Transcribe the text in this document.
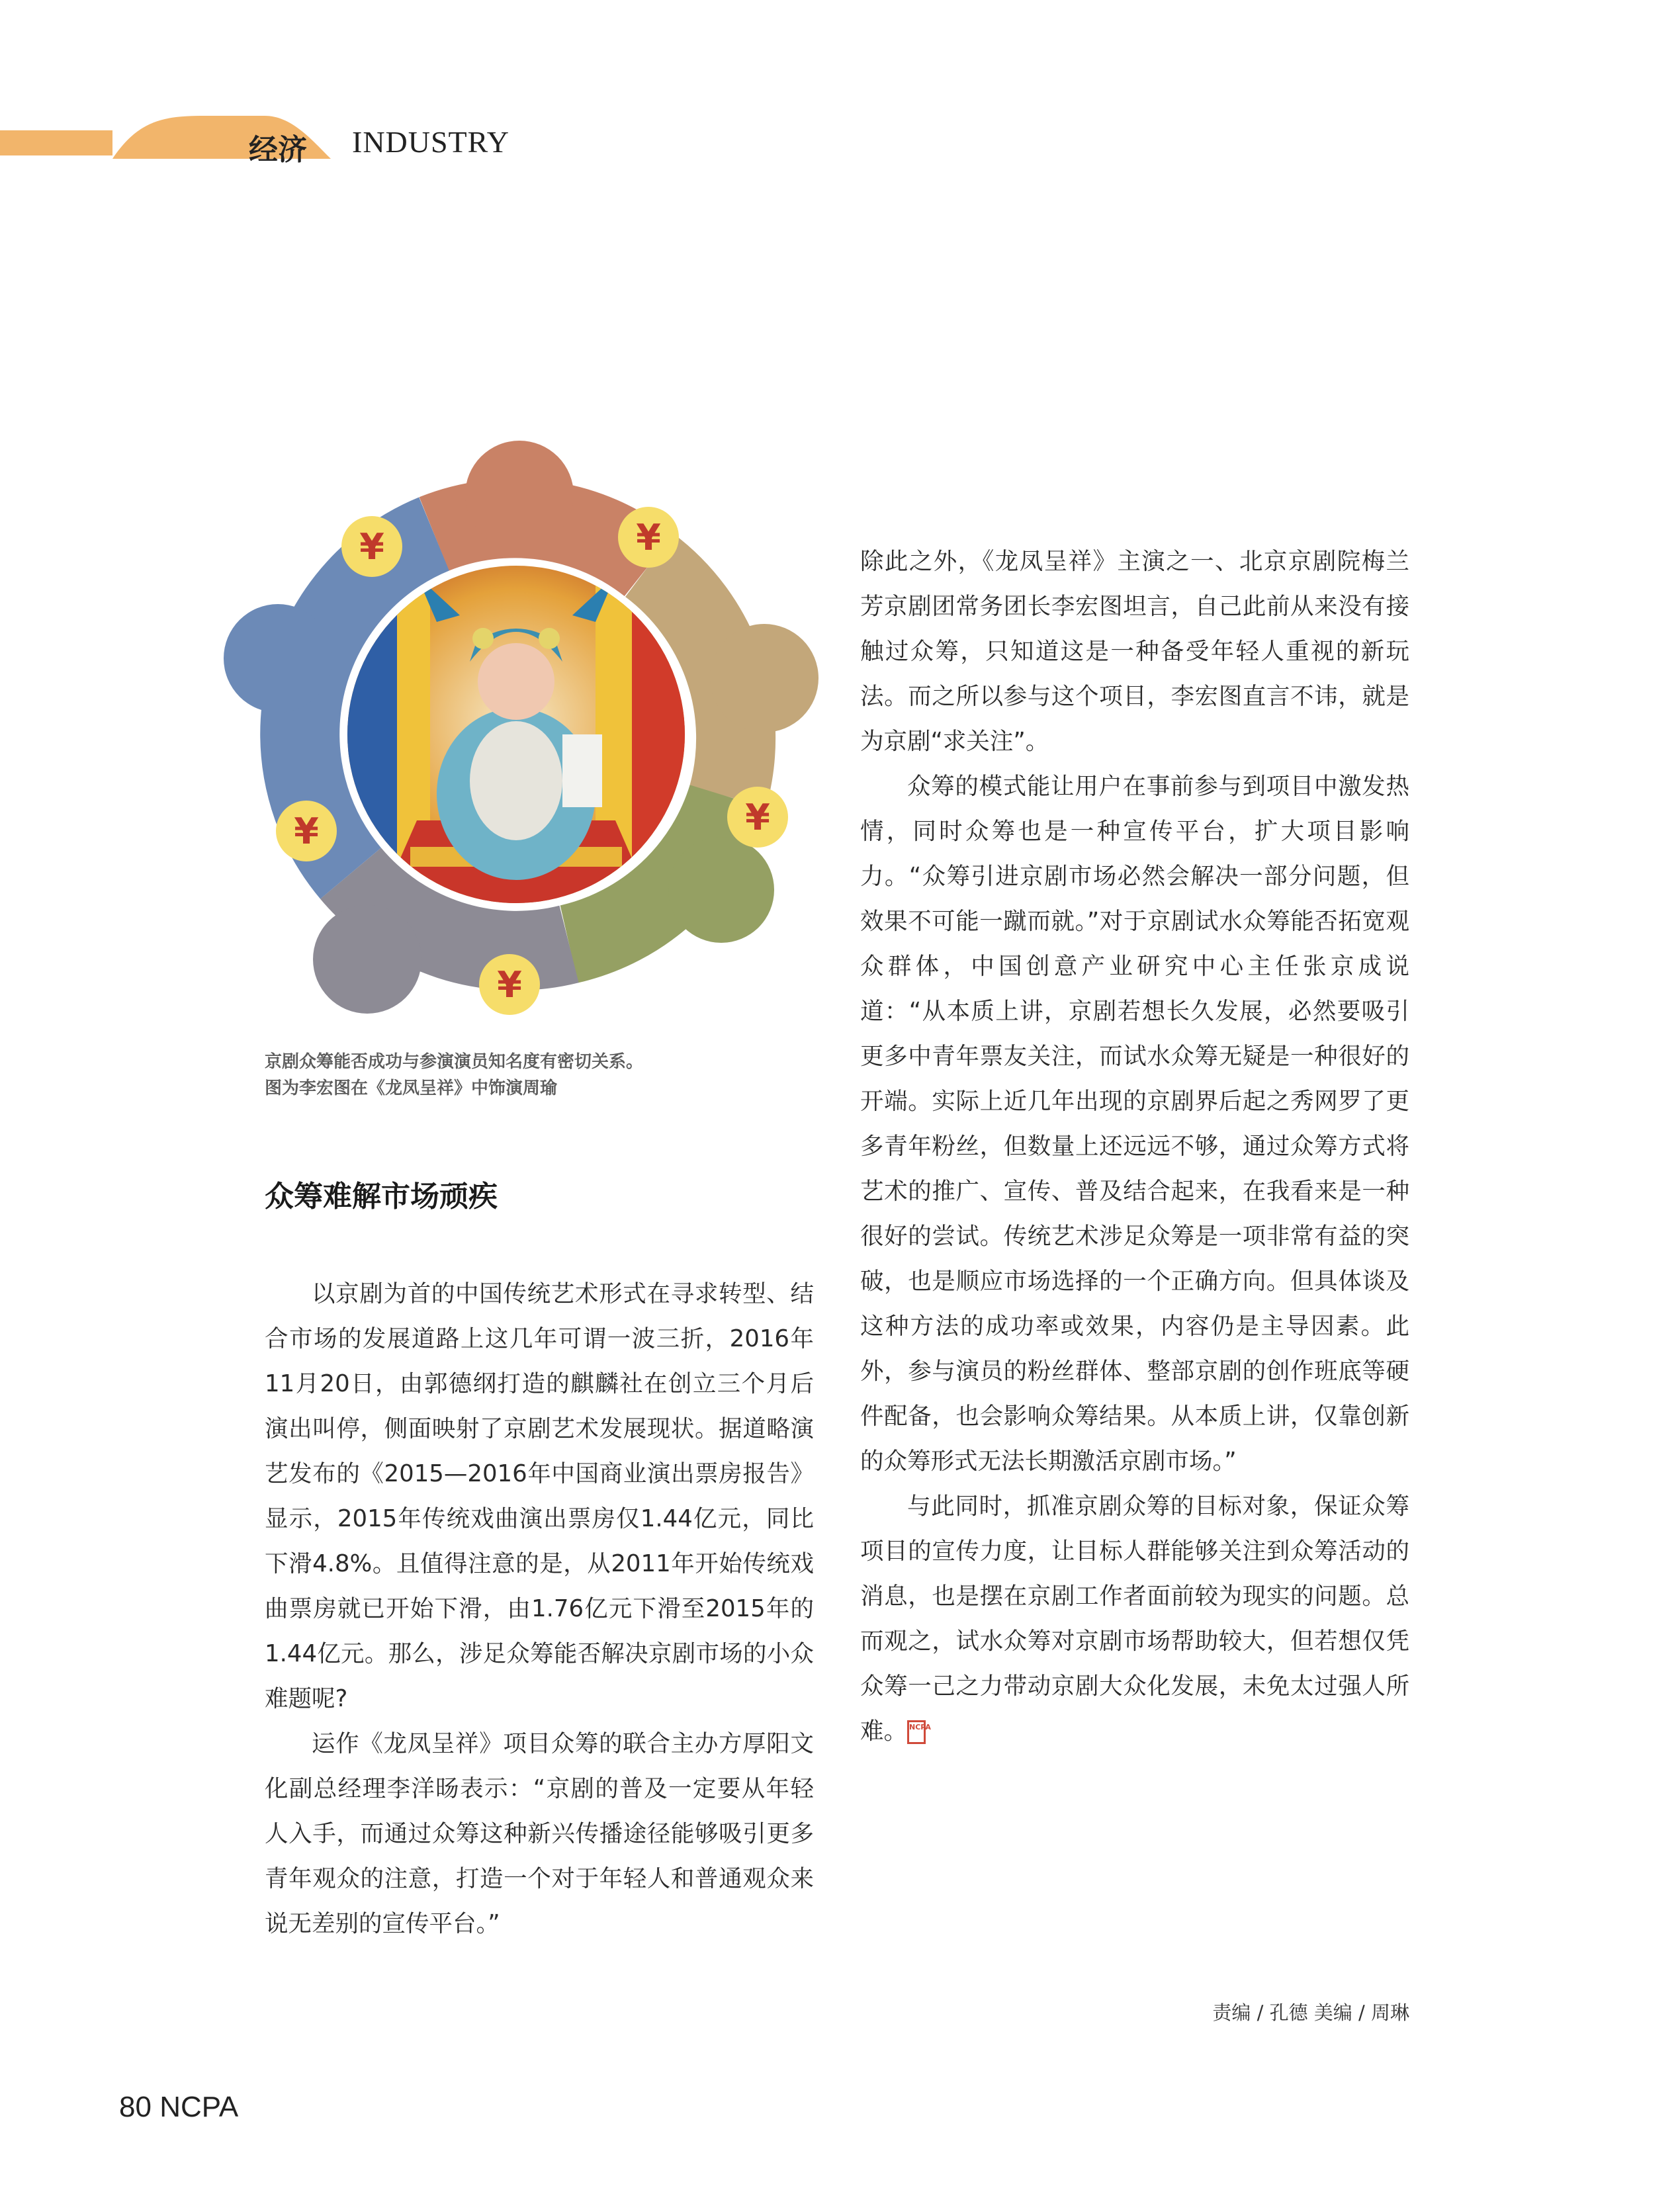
经济 INDUSTRY
¥	¥
¥
¥
¥
京剧众筹能否成功与参演演员知名度有密切关系。
图为李宏图在《龙凤呈祥》中饰演周瑜
众筹难解市场顽疾

以京剧为首的中国传统艺术形式在寻求转型、结合市场的发展道路上这几年可谓一波三折，2016年11月20日，由郭德纲打造的麒麟社在创立三个月后演出叫停，侧面映射了京剧艺术发展现状。据道略演艺发布的《2015—2016年中国商业演出票房报告》显示，2015年传统戏曲演出票房仅1.44亿元，同比下滑4.8%。且值得注意的是，从2011年开始传统戏曲票房就已开始下滑，由1.76亿元下滑至2015年的1.44亿元。那么，涉足众筹能否解决京剧市场的小众难题呢?

运作《龙凤呈祥》项目众筹的联合主办方厚阳文化副总经理李洋旸表示：“京剧的普及一定要从年轻人入手，而通过众筹这种新兴传播途径能够吸引更多青年观众的注意，打造一个对于年轻人和普通观众来说无差别的宣传平台。”

除此之外，《龙凤呈祥》主演之一、北京京剧院梅兰芳京剧团常务团长李宏图坦言，自己此前从来没有接触过众筹，只知道这是一种备受年轻人重视的新玩法。而之所以参与这个项目，李宏图直言不讳，就是为京剧“求关注”。

众筹的模式能让用户在事前参与到项目中激发热情，同时众筹也是一种宣传平台，扩大项目影响力。“众筹引进京剧市场必然会解决一部分问题，但效果不可能一蹴而就。”对于京剧试水众筹能否拓宽观众群体，中国创意产业研究中心主任张京成说道：“从本质上讲，京剧若想长久发展，必然要吸引更多中青年票友关注，而试水众筹无疑是一种很好的开端。实际上近几年出现的京剧界后起之秀网罗了更多青年粉丝，但数量上还远远不够，通过众筹方式将艺术的推广、宣传、普及结合起来，在我看来是一种很好的尝试。传统艺术涉足众筹是一项非常有益的突破，也是顺应市场选择的一个正确方向。但具体谈及这种方法的成功率或效果，内容仍是主导因素。此外，参与演员的粉丝群体、整部京剧的创作班底等硬件配备，也会影响众筹结果。从本质上讲，仅靠创新的众筹形式无法长期激活京剧市场。”

与此同时，抓准京剧众筹的目标对象，保证众筹项目的宣传力度，让目标人群能够关注到众筹活动的消息，也是摆在京剧工作者面前较为现实的问题。总而观之，试水众筹对京剧市场帮助较大，但若想仅凭众筹一己之力带动京剧大众化发展，未免太过强人所难。 NCPA

责编 / 孔德 美编 / 周琳
80 NCPA
